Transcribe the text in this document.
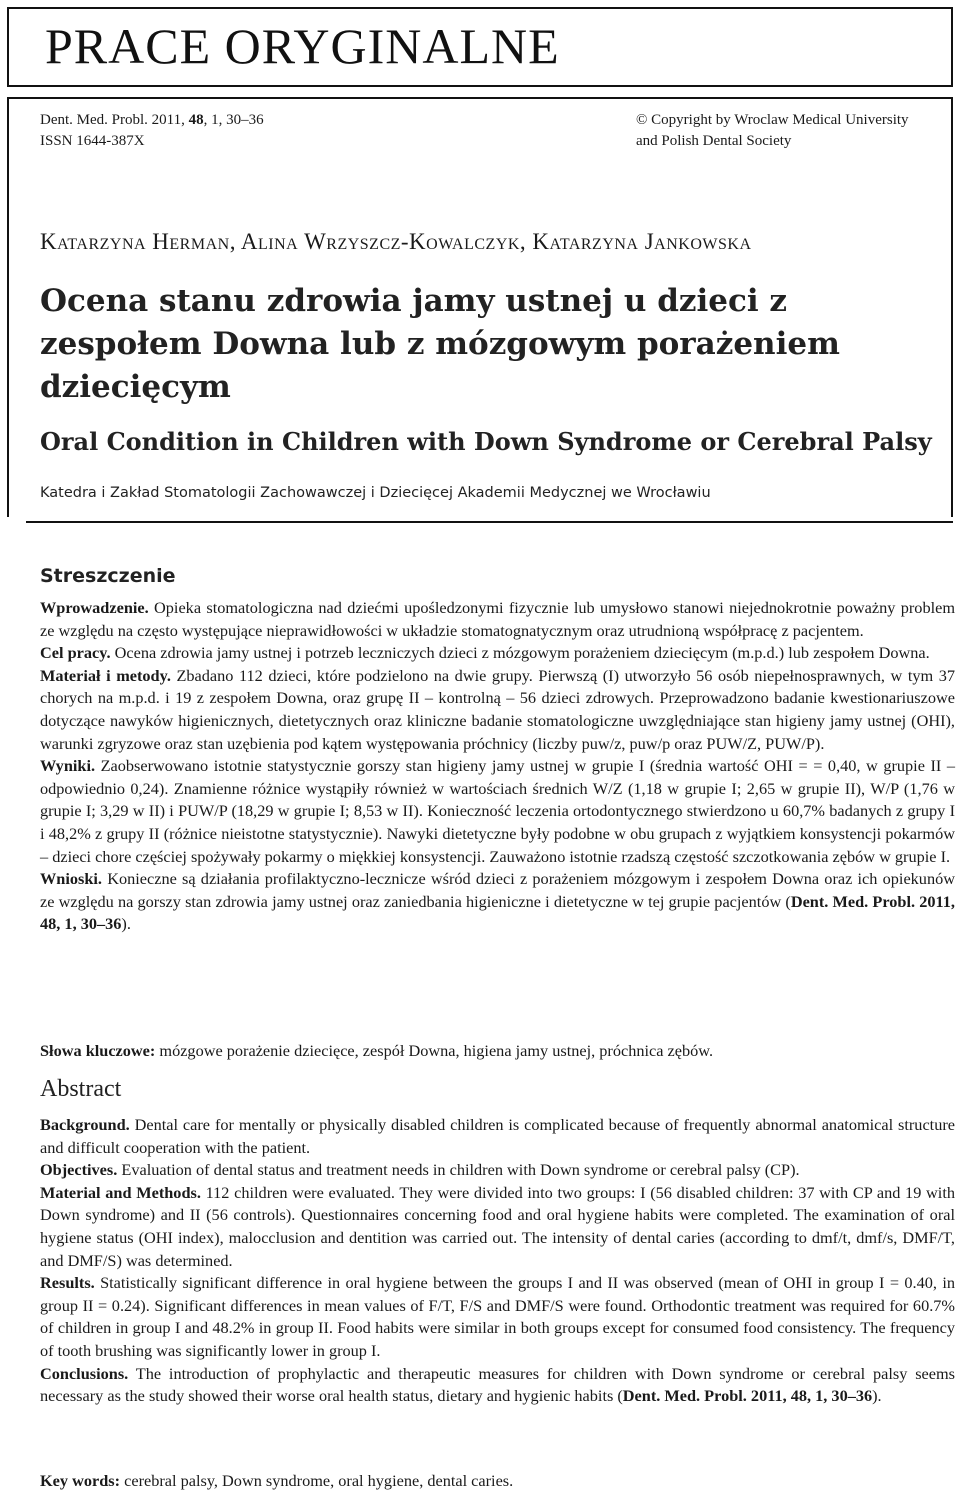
PRACE ORYGINALNE
Dent. Med. Probl. 2011, 48, 1, 30–36
ISSN 1644-387X
© Copyright by Wroclaw Medical University
and Polish Dental Society
Katarzyna Herman, Alina Wrzyszcz-Kowalczyk, Katarzyna Jankowska
Ocena stanu zdrowia jamy ustnej u dzieci z zespołem Downa lub z mózgowym porażeniem dziecięcym
Oral Condition in Children with Down Syndrome or Cerebral Palsy
Katedra i Zakład Stomatologii Zachowawczej i Dziecięcej Akademii Medycznej we Wrocławiu
Streszczenie

Wprowadzenie. Opieka stomatologiczna nad dziećmi upośledzonymi fizycznie lub umysłowo stanowi niejednokrotnie poważny problem ze względu na często występujące nieprawidłowości w układzie stomatognatycznym oraz utrudnioną współpracę z pacjentem.

Cel pracy. Ocena zdrowia jamy ustnej i potrzeb leczniczych dzieci z mózgowym porażeniem dziecięcym (m.p.d.) lub zespołem Downa.

Materiał i metody. Zbadano 112 dzieci, które podzielono na dwie grupy. Pierwszą (I) utworzyło 56 osób niepełnosprawnych, w tym 37 chorych na m.p.d. i 19 z zespołem Downa, oraz grupę II – kontrolną – 56 dzieci zdrowych. Przeprowadzono badanie kwestionariuszowe dotyczące nawyków higienicznych, dietetycznych oraz kliniczne badanie stomatologiczne uwzględniające stan higieny jamy ustnej (OHI), warunki zgryzowe oraz stan uzębienia pod kątem występowania próchnicy (liczby puw/z, puw/p oraz PUW/Z, PUW/P).

Wyniki. Zaobserwowano istotnie statystycznie gorszy stan higieny jamy ustnej w grupie I (średnia wartość OHI = = 0,40, w grupie II – odpowiednio 0,24). Znamienne różnice wystąpiły również w wartościach średnich W/Z (1,18 w grupie I; 2,65 w grupie II), W/P (1,76 w grupie I; 3,29 w II) i PUW/P (18,29 w grupie I; 8,53 w II). Konieczność leczenia ortodontycznego stwierdzono u 60,7% badanych z grupy I i 48,2% z grupy II (różnice nieistotne statystycznie). Nawyki dietetyczne były podobne w obu grupach z wyjątkiem konsystencji pokarmów – dzieci chore częściej spożywały pokarmy o miękkiej konsystencji. Zauważono istotnie rzadszą częstość szczotkowania zębów w grupie I.

Wnioski. Konieczne są działania profilaktyczno-lecznicze wśród dzieci z porażeniem mózgowym i zespołem Downa oraz ich opiekunów ze względu na gorszy stan zdrowia jamy ustnej oraz zaniedbania higieniczne i dietetyczne w tej grupie pacjentów (Dent. Med. Probl. 2011, 48, 1, 30–36).

Słowa kluczowe: mózgowe porażenie dziecięce, zespół Downa, higiena jamy ustnej, próchnica zębów.
Abstract

Background. Dental care for mentally or physically disabled children is complicated because of frequently abnormal anatomical structure and difficult cooperation with the patient.

Objectives. Evaluation of dental status and treatment needs in children with Down syndrome or cerebral palsy (CP).

Material and Methods. 112 children were evaluated. They were divided into two groups: I (56 disabled children: 37 with CP and 19 with Down syndrome) and II (56 controls). Questionnaires concerning food and oral hygiene habits were completed. The examination of oral hygiene status (OHI index), malocclusion and dentition was carried out. The intensity of dental caries (according to dmf/t, dmf/s, DMF/T, and DMF/S) was determined.

Results. Statistically significant difference in oral hygiene between the groups I and II was observed (mean of OHI in group I = 0.40, in group II = 0.24). Significant differences in mean values of F/T, F/S and DMF/S were found. Orthodontic treatment was required for 60.7% of children in group I and 48.2% in group II. Food habits were similar in both groups except for consumed food consistency. The frequency of tooth brushing was significantly lower in group I.

Conclusions. The introduction of prophylactic and therapeutic measures for children with Down syndrome or cerebral palsy seems necessary as the study showed their worse oral health status, dietary and hygienic habits (Dent. Med. Probl. 2011, 48, 1, 30–36).

Key words: cerebral palsy, Down syndrome, oral hygiene, dental caries.
